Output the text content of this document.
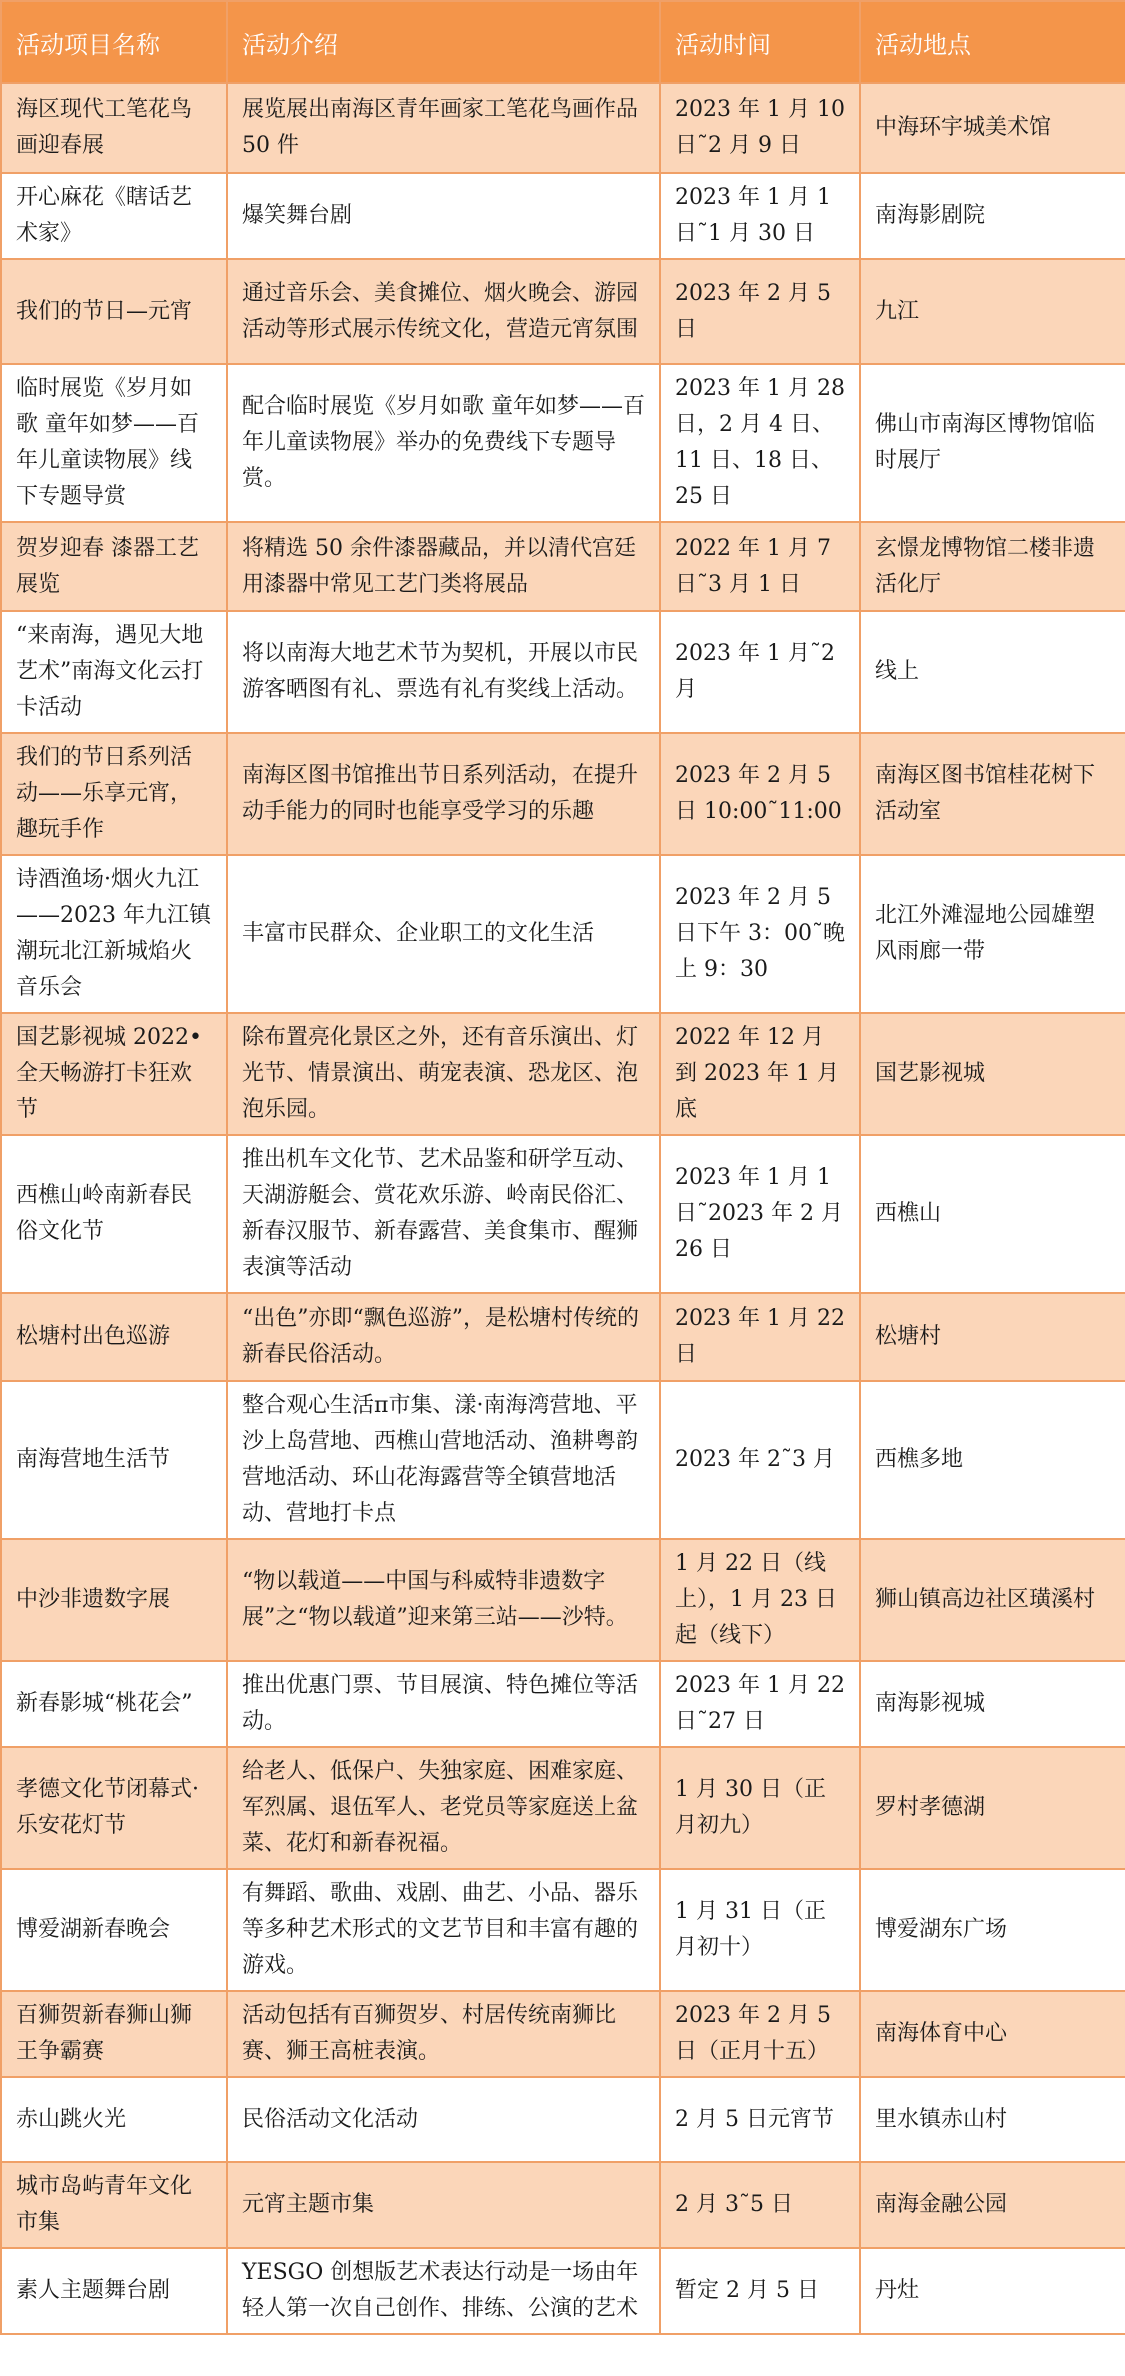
活动项目名称	活动介绍	活动时间	活动地点
海区现代工笔花鸟画迎春展	展览展出南海区青年画家工笔花鸟画作品 50 件	2023 年 1 月 10 日˜2 月 9 日	中海环宇城美术馆
开心麻花《瞎话艺术家》	爆笑舞台剧	2023 年 1 月 1 日˜1 月 30 日	南海影剧院
我们的节日—元宵	通过音乐会、美食摊位、烟火晚会、游园活动等形式展示传统文化，营造元宵氛围	2023 年 2 月 5 日	九江
临时展览《岁月如歌 童年如梦——百年儿童读物展》线下专题导赏	配合临时展览《岁月如歌 童年如梦——百年儿童读物展》举办的免费线下专题导赏。	2023 年 1 月 28 日，2 月 4 日、11 日、18 日、25 日	佛山市南海区博物馆临时展厅
贺岁迎春 漆器工艺展览	将精选 50 余件漆器藏品，并以清代宫廷用漆器中常见工艺门类将展品	2022 年 1 月 7 日˜3 月 1 日	玄憬龙博物馆二楼非遗活化厅
“来南海，遇见大地艺术”南海文化云打卡活动	将以南海大地艺术节为契机，开展以市民游客晒图有礼、票选有礼有奖线上活动。	2023 年 1 月˜2 月	线上
我们的节日系列活动——乐享元宵，趣玩手作	南海区图书馆推出节日系列活动，在提升动手能力的同时也能享受学习的乐趣	2023 年 2 月 5 日 10:00˜11:00	南海区图书馆桂花树下活动室
诗酒渔场·烟火九江——2023 年九江镇潮玩北江新城焰火音乐会	丰富市民群众、企业职工的文化生活	2023 年 2 月 5 日下午 3：00˜晚上 9：30	北江外滩湿地公园雄塑风雨廊一带
国艺影视城 2022•全天畅游打卡狂欢节	除布置亮化景区之外，还有音乐演出、灯光节、情景演出、萌宠表演、恐龙区、泡泡乐园。	2022 年 12 月到 2023 年 1 月底	国艺影视城
西樵山岭南新春民俗文化节	推出机车文化节、艺术品鉴和研学互动、天湖游艇会、赏花欢乐游、岭南民俗汇、新春汉服节、新春露营、美食集市、醒狮表演等活动	2023 年 1 月 1 日˜2023 年 2 月 26 日	西樵山
松塘村出色巡游	“出色”亦即“飘色巡游”，是松塘村传统的新春民俗活动。	2023 年 1 月 22 日	松塘村
南海营地生活节	整合观心生活π市集、漾·南海湾营地、平沙上岛营地、西樵山营地活动、渔耕粤韵营地活动、环山花海露营等全镇营地活动、营地打卡点	2023 年 2˜3 月	西樵多地
中沙非遗数字展	“物以载道——中国与科威特非遗数字展”之“物以载道”迎来第三站——沙特。	1 月 22 日（线上），1 月 23 日起（线下）	狮山镇高边社区璜溪村
新春影城“桃花会”	推出优惠门票、节目展演、特色摊位等活动。	2023 年 1 月 22 日˜27 日	南海影视城
孝德文化节闭幕式·乐安花灯节	给老人、低保户、失独家庭、困难家庭、军烈属、退伍军人、老党员等家庭送上盆菜、花灯和新春祝福。	1 月 30 日（正月初九）	罗村孝德湖
博爱湖新春晚会	有舞蹈、歌曲、戏剧、曲艺、小品、器乐等多种艺术形式的文艺节目和丰富有趣的游戏。	1 月 31 日（正月初十）	博爱湖东广场
百狮贺新春狮山狮王争霸赛	活动包括有百狮贺岁、村居传统南狮比赛、狮王高桩表演。	2023 年 2 月 5 日（正月十五）	南海体育中心
赤山跳火光	民俗活动文化活动	2 月 5 日元宵节	里水镇赤山村
城市岛屿青年文化市集	元宵主题市集	2 月 3˜5 日	南海金融公园
素人主题舞台剧	YESGO 创想版艺术表达行动是一场由年轻人第一次自己创作、排练、公演的艺术	暂定 2 月 5 日	丹灶
